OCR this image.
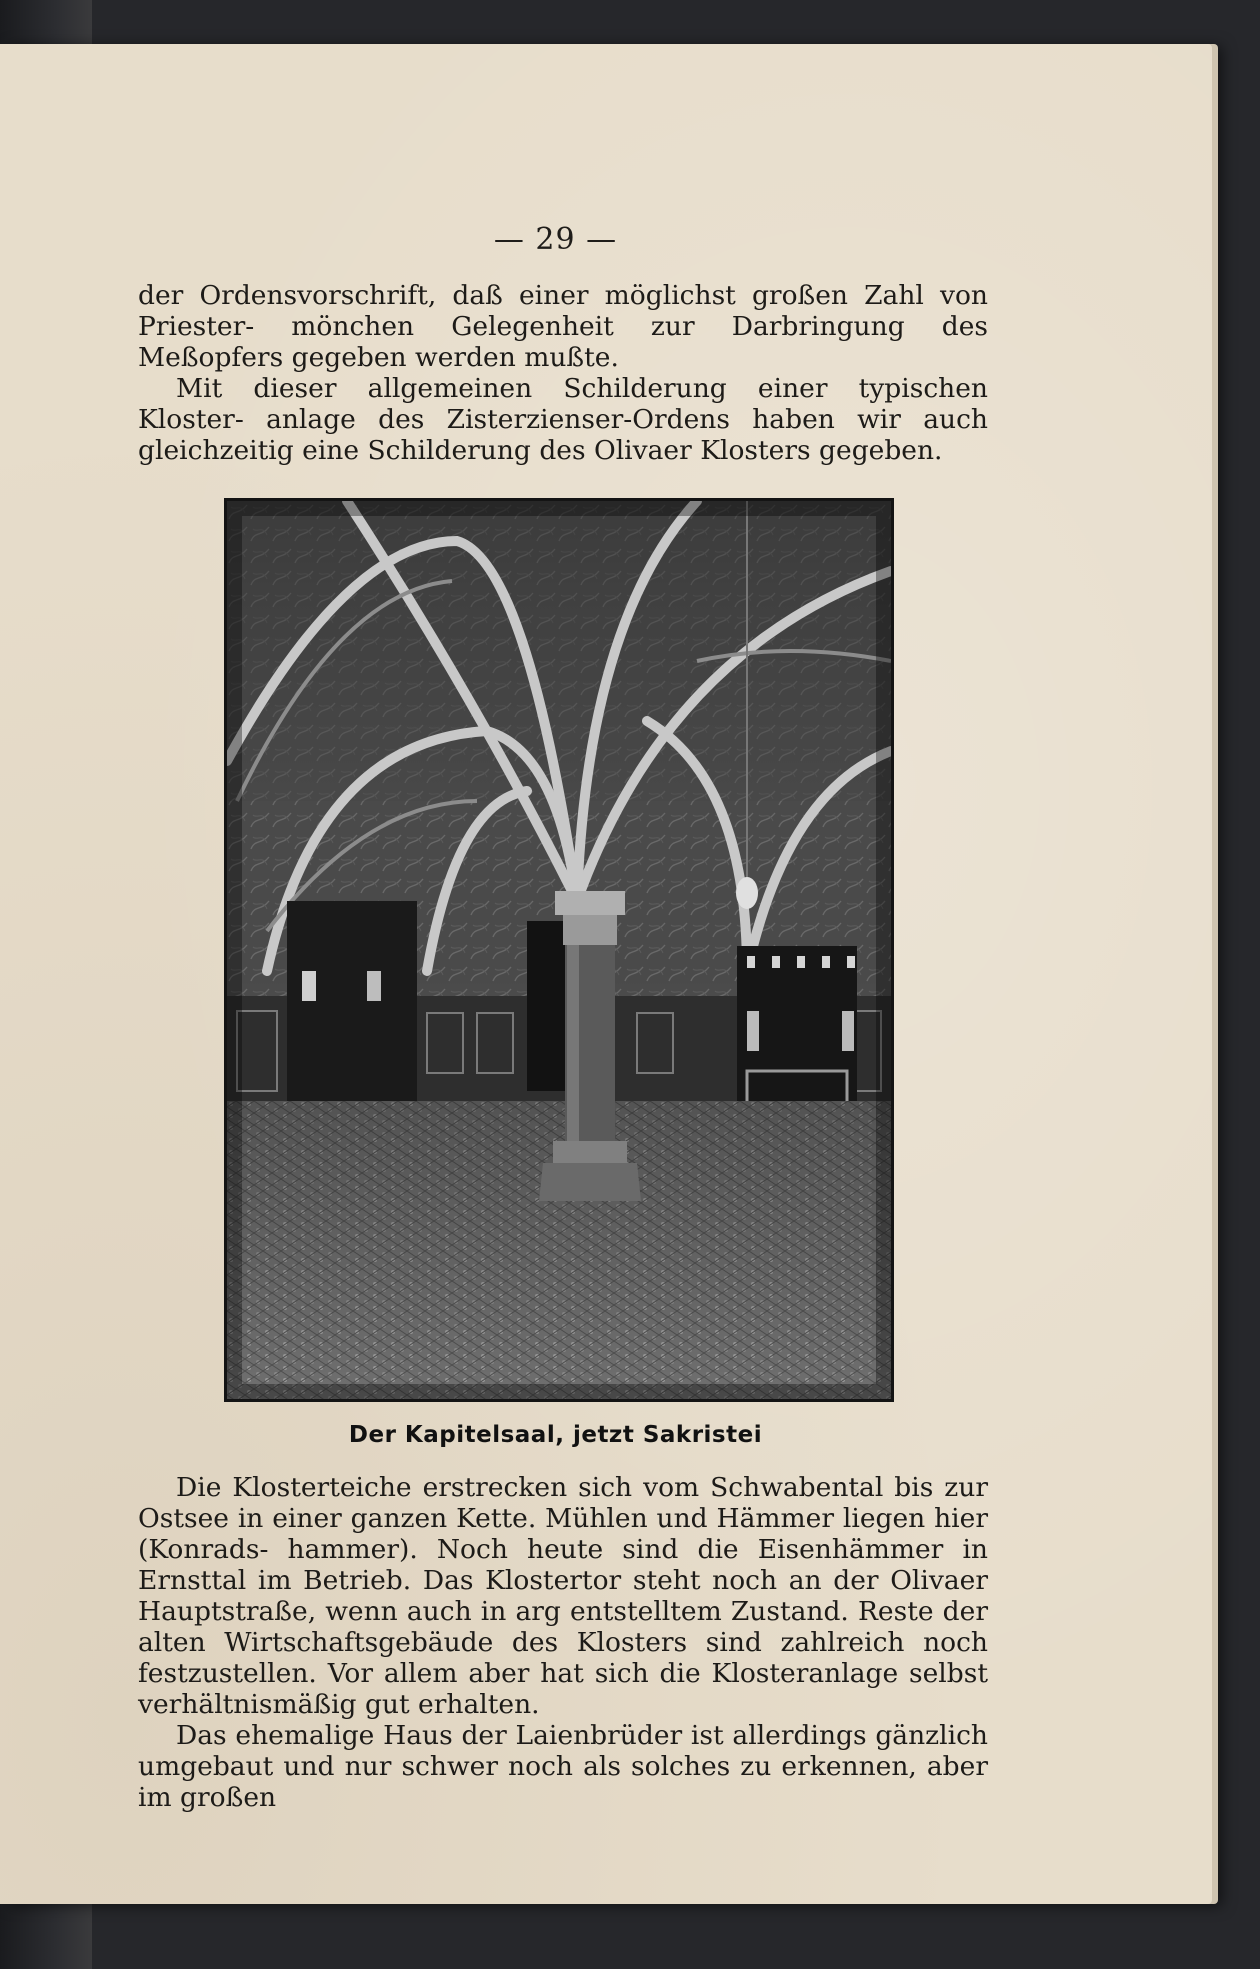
— 29 —

der Ordensvorschrift, daß einer möglichst großen Zahl von Priester- mönchen Gelegenheit zur Darbringung des Meßopfers gegeben werden mußte.

Mit dieser allgemeinen Schilderung einer typischen Kloster- anlage des Zisterzienser-Ordens haben wir auch gleichzeitig eine Schilderung des Olivaer Klosters gegeben.

Der Kapitelsaal, jetzt Sakristei

Die Klosterteiche erstrecken sich vom Schwabental bis zur Ostsee in einer ganzen Kette. Mühlen und Hämmer liegen hier (Konrads- hammer). Noch heute sind die Eisenhämmer in Ernsttal im Betrieb. Das Klostertor steht noch an der Olivaer Hauptstraße, wenn auch in arg entstelltem Zustand. Reste der alten Wirtschaftsgebäude des Klosters sind zahlreich noch festzustellen. Vor allem aber hat sich die Klosteranlage selbst verhältnismäßig gut erhalten.

Das ehemalige Haus der Laienbrüder ist allerdings gänzlich umgebaut und nur schwer noch als solches zu erkennen, aber im großen
